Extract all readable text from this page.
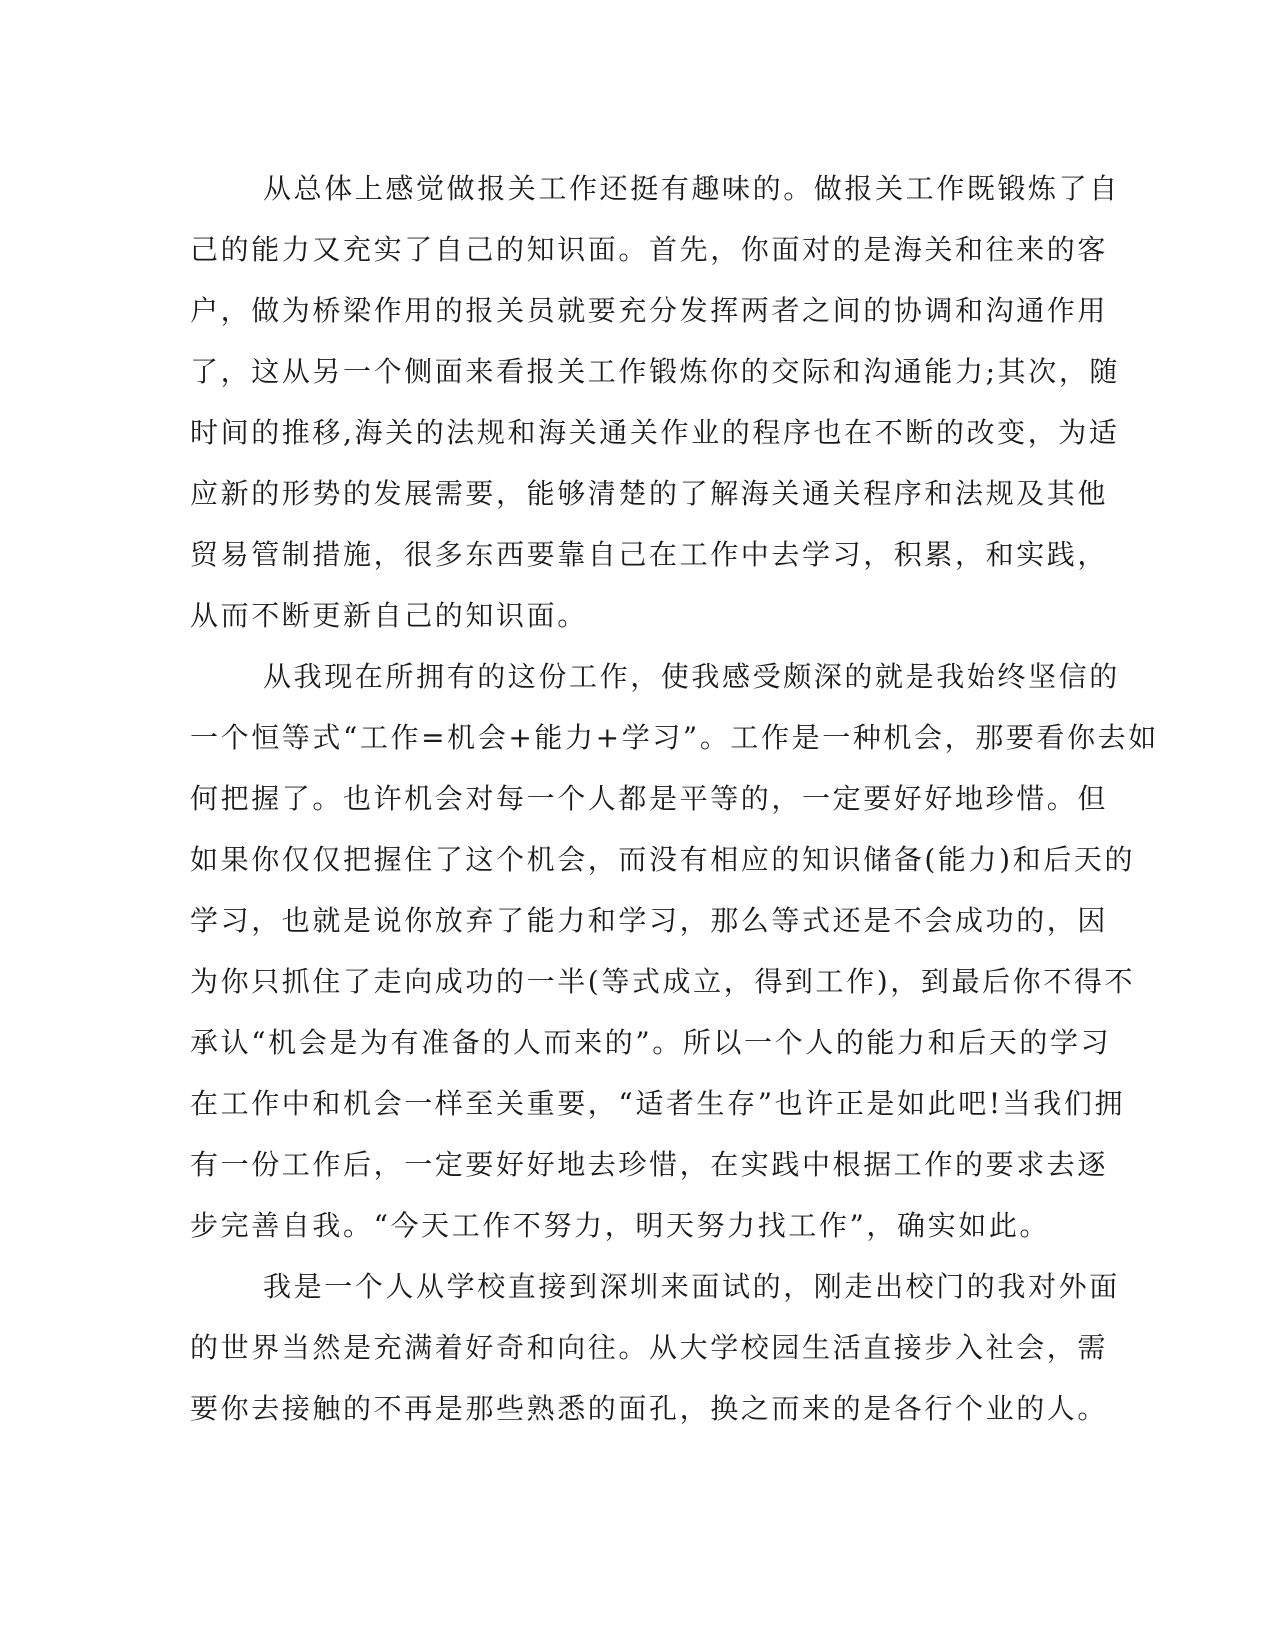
从总体上感觉做报关工作还挺有趣味的。做报关工作既锻炼了自
己的能力又充实了自己的知识面。首先，你面对的是海关和往来的客
户，做为桥梁作用的报关员就要充分发挥两者之间的协调和沟通作用
了，这从另一个侧面来看报关工作锻炼你的交际和沟通能力;其次，随
时间的推移,海关的法规和海关通关作业的程序也在不断的改变，为适
应新的形势的发展需要，能够清楚的了解海关通关程序和法规及其他
贸易管制措施，很多东西要靠自己在工作中去学习，积累，和实践，
从而不断更新自己的知识面。
从我现在所拥有的这份工作，使我感受颇深的就是我始终坚信的
一个恒等式“工作=机会+能力+学习”。工作是一种机会，那要看你去如
何把握了。也许机会对每一个人都是平等的，一定要好好地珍惜。但
如果你仅仅把握住了这个机会，而没有相应的知识储备(能力)和后天的
学习，也就是说你放弃了能力和学习，那么等式还是不会成功的，因
为你只抓住了走向成功的一半(等式成立，得到工作)，到最后你不得不
承认“机会是为有准备的人而来的”。所以一个人的能力和后天的学习
在工作中和机会一样至关重要，“适者生存”也许正是如此吧!当我们拥
有一份工作后，一定要好好地去珍惜，在实践中根据工作的要求去逐
步完善自我。“今天工作不努力，明天努力找工作”，确实如此。
我是一个人从学校直接到深圳来面试的，刚走出校门的我对外面
的世界当然是充满着好奇和向往。从大学校园生活直接步入社会，需
要你去接触的不再是那些熟悉的面孔，换之而来的是各行个业的人。
